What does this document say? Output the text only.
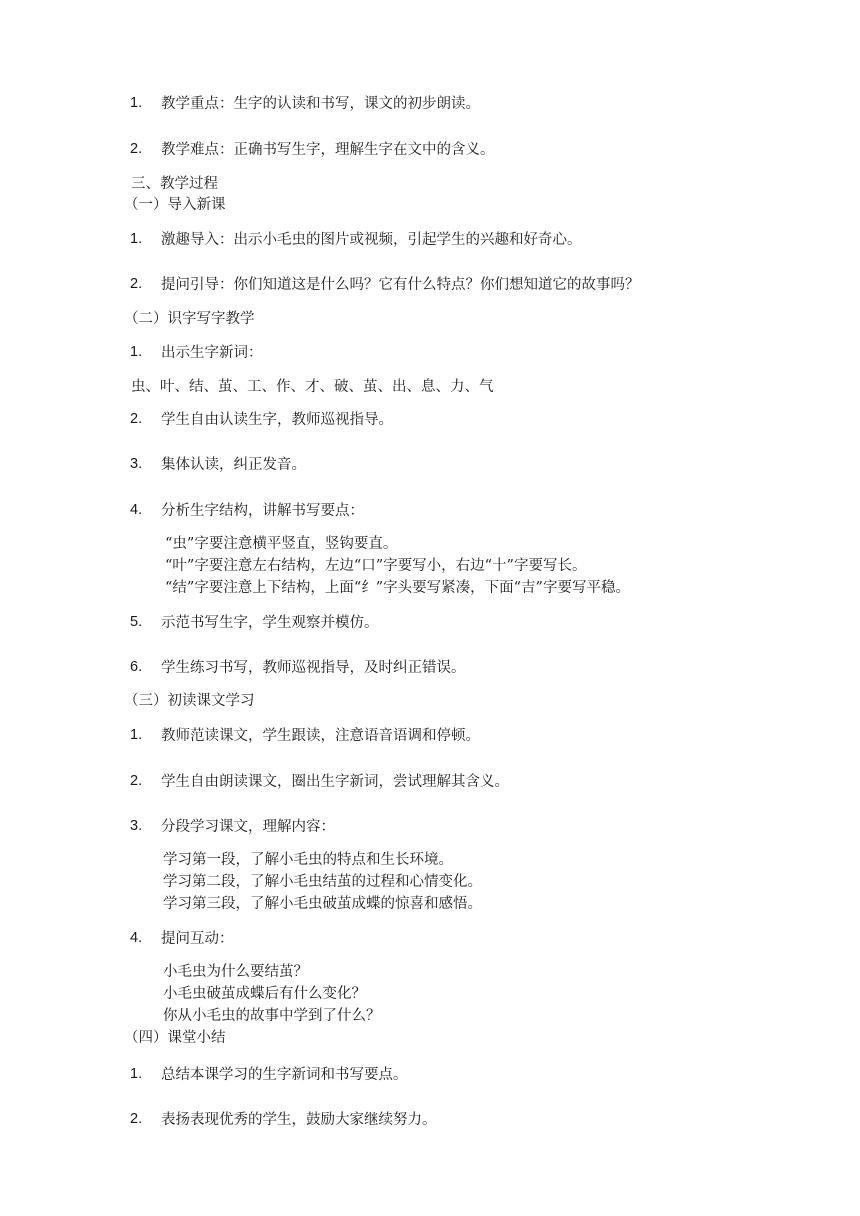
1. 教学重点：生字的认读和书写，课文的初步朗读。
2. 教学难点：正确书写生字，理解生字在文中的含义。
三、教学过程
（一）导入新课
1. 激趣导入：出示小毛虫的图片或视频，引起学生的兴趣和好奇心。
2. 提问引导：你们知道这是什么吗？它有什么特点？你们想知道它的故事吗？
（二）识字写字教学
1. 出示生字新词：
虫、叶、结、茧、工、作、才、破、茧、出、息、力、气
2. 学生自由认读生字，教师巡视指导。
3. 集体认读，纠正发音。
4. 分析生字结构，讲解书写要点：
“虫”字要注意横平竖直，竖钩要直。
“叶”字要注意左右结构，左边“口”字要写小，右边“十”字要写长。
“结”字要注意上下结构，上面“纟”字头要写紧凑，下面“吉”字要写平稳。
5. 示范书写生字，学生观察并模仿。
6. 学生练习书写，教师巡视指导，及时纠正错误。
（三）初读课文学习
1. 教师范读课文，学生跟读，注意语音语调和停顿。
2. 学生自由朗读课文，圈出生字新词，尝试理解其含义。
3. 分段学习课文，理解内容：
学习第一段，了解小毛虫的特点和生长环境。
学习第二段，了解小毛虫结茧的过程和心情变化。
学习第三段，了解小毛虫破茧成蝶的惊喜和感悟。
4. 提问互动：
小毛虫为什么要结茧？
小毛虫破茧成蝶后有什么变化？
你从小毛虫的故事中学到了什么？
（四）课堂小结
1. 总结本课学习的生字新词和书写要点。
2. 表扬表现优秀的学生，鼓励大家继续努力。
